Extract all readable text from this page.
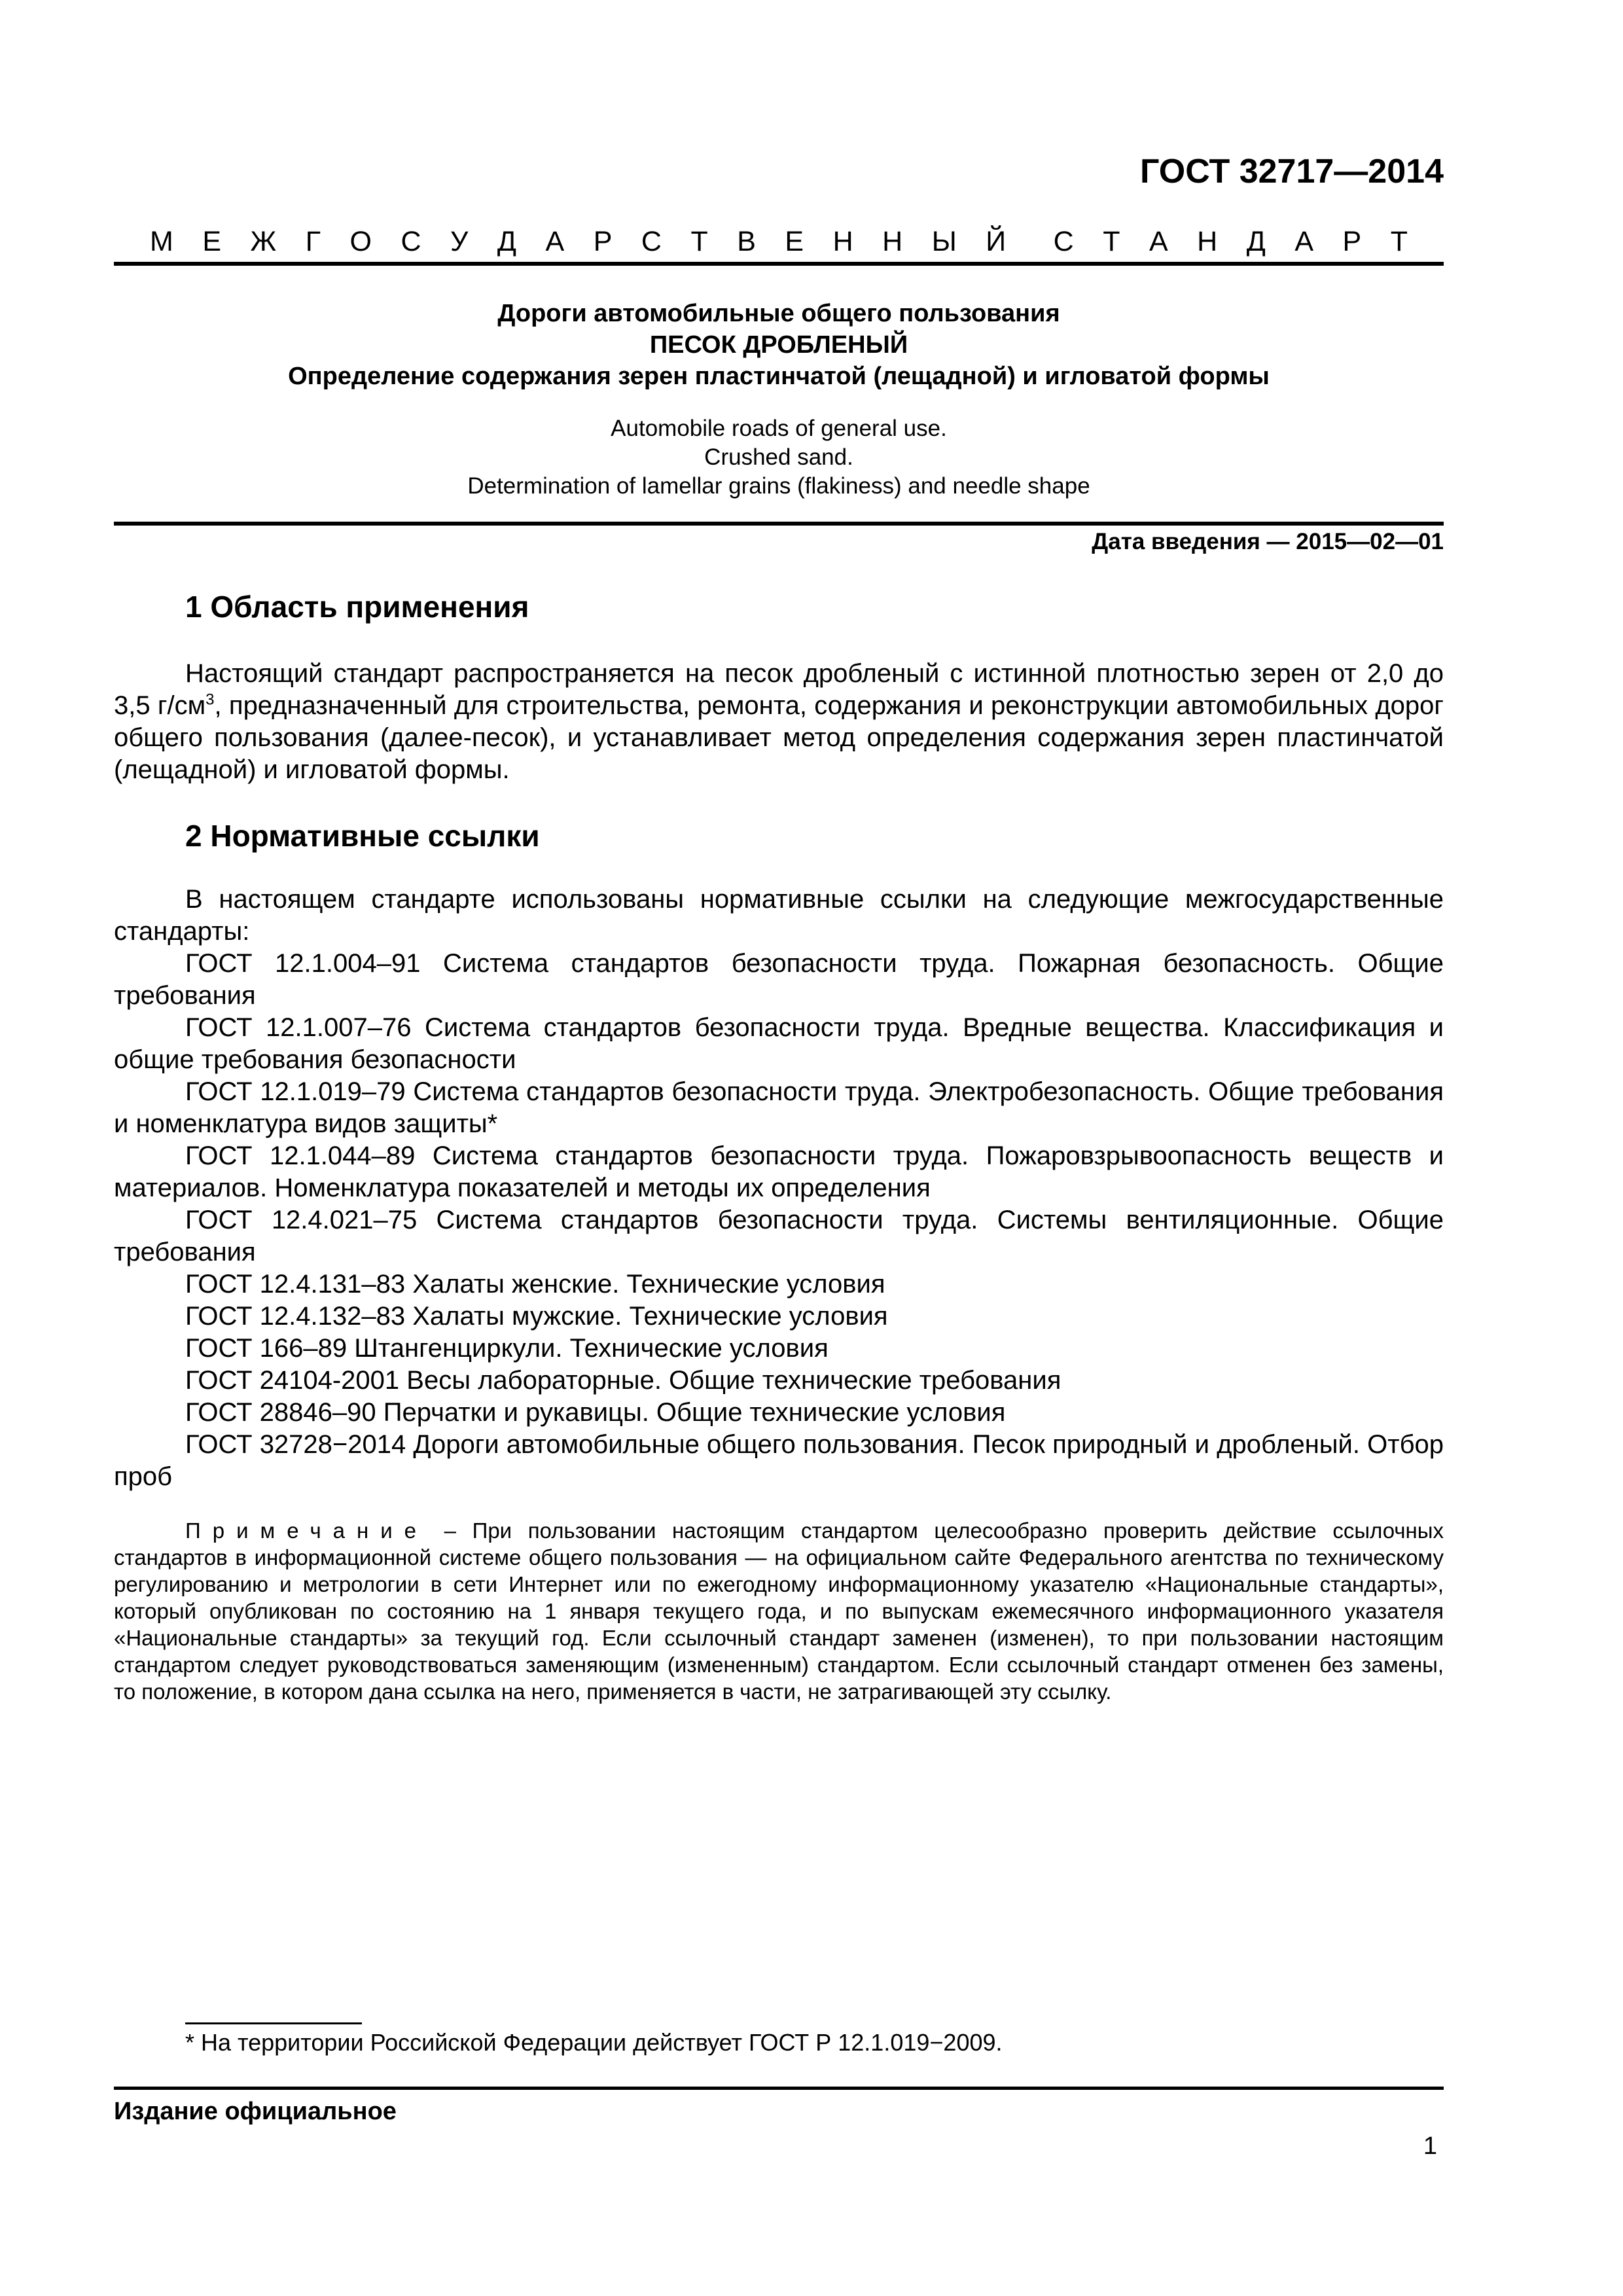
ГОСТ 32717—2014
М Е Ж Г О С У Д А Р С Т В Е Н Н Ы Й С Т А Н Д А Р Т
Дороги автомобильные общего пользования
ПЕСОК ДРОБЛЕНЫЙ
Определение содержания зерен пластинчатой (лещадной) и игловатой формы
Automobile roads of general use.
Crushed sand.
Determination of lamellar grains (flakiness) and needle shape
Дата введения — 2015—02—01
1 Область применения

Настоящий стандарт распространяется на песок дробленый с истинной плотностью зерен от 2,0 до 3,5 $г/см^3$, предназначенный для строительства, ремонта, содержания и реконструкции автомобильных дорог общего пользования (далее-песок), и устанавливает метод определения содержания зерен пластинчатой (лещадной) и игловатой формы.

2 Нормативные ссылки

В настоящем стандарте использованы нормативные ссылки на следующие межгосударственные стандарты:

ГОСТ 12.1.004–91 Система стандартов безопасности труда. Пожарная безопасность. Общие требования

ГОСТ 12.1.007–76 Система стандартов безопасности труда. Вредные вещества. Классификация и общие требования безопасности

ГОСТ 12.1.019–79 Система стандартов безопасности труда. Электробезопасность. Общие требования и номенклатура видов защиты*

ГОСТ 12.1.044–89 Система стандартов безопасности труда. Пожаровзрывоопасность веществ и материалов. Номенклатура показателей и методы их определения

ГОСТ 12.4.021–75 Система стандартов безопасности труда. Системы вентиляционные. Общие требования

ГОСТ 12.4.131–83 Халаты женские. Технические условия

ГОСТ 12.4.132–83 Халаты мужские. Технические условия

ГОСТ 166–89 Штангенциркули. Технические условия

ГОСТ 24104-2001 Весы лабораторные. Общие технические требования

ГОСТ 28846–90 Перчатки и рукавицы. Общие технические условия

ГОСТ 32728−2014 Дороги автомобильные общего пользования. Песок природный и дробленый. Отбор проб

Примечание – При пользовании настоящим стандартом целесообразно проверить действие ссылочных стандартов в информационной системе общего пользования — на официальном сайте Федерального агентства по техническому регулированию и метрологии в сети Интернет или по ежегодному информационному указателю «Национальные стандарты», который опубликован по состоянию на 1 января текущего года, и по выпускам ежемесячного информационного указателя «Национальные стандарты» за текущий год. Если ссылочный стандарт заменен (изменен), то при пользовании настоящим стандартом следует руководствоваться заменяющим (измененным) стандартом. Если ссылочный стандарт отменен без замены, то положение, в котором дана ссылка на него, применяется в части, не затрагивающей эту ссылку.

* На территории Российской Федерации действует ГОСТ Р 12.1.019−2009.
Издание официальное
1
